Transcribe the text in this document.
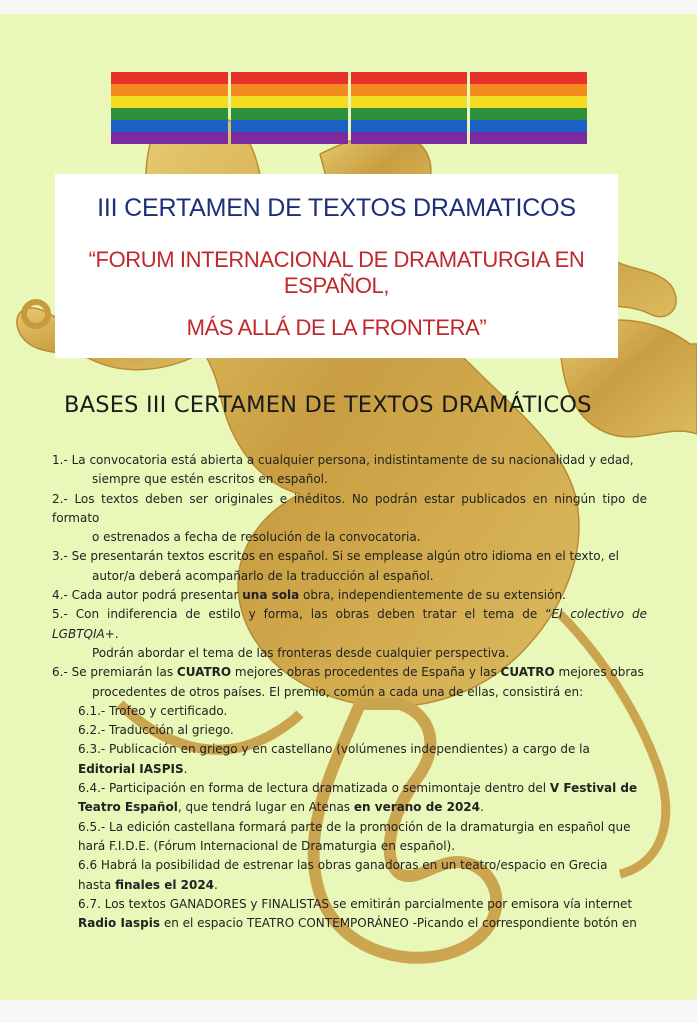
III CERTAMEN DE TEXTOS DRAMATICOS
“FORUM INTERNACIONAL DE DRAMATURGIA EN ESPAÑOL,
MÁS ALLÁ DE LA FRONTERA”
BASES III CERTAMEN DE TEXTOS DRAMÁTICOS
1.- La convocatoria está abierta a cualquier persona, indistintamente de su nacionalidad y edad,
siempre que estén escritos en español.
2.- Los textos deben ser originales e inéditos. No podrán estar publicados en ningún tipo de formato
o estrenados a fecha de resolución de la convocatoria.
3.- Se presentarán textos escritos en español. Si se emplease algún otro idioma en el texto, el
autor/a deberá acompañarlo de la traducción al español.
4.- Cada autor podrá presentar una sola obra, independientemente de su extensión.
5.- Con indiferencia de estilo y forma, las obras deben tratar el tema de “El colectivo de LGBTQIA+.
Podrán abordar el tema de las fronteras desde cualquier perspectiva.
6.- Se premiarán las CUATRO mejores obras procedentes de España y las CUATRO mejores obras
procedentes de otros países. El premio, común a cada una de ellas, consistirá en:
6.1.- Trofeo y certificado.
6.2.- Traducción al griego.
6.3.- Publicación en griego y en castellano (volúmenes independientes) a cargo de la
Editorial IASPIS.
6.4.- Participación en forma de lectura dramatizada o semimontaje dentro del V Festival de
Teatro Español, que tendrá lugar en Atenas en verano de 2024.
6.5.- La edición castellana formará parte de la promoción de la dramaturgia en español que
hará F.I.D.E. (Fórum Internacional de Dramaturgia en español).
6.6 Habrá la posibilidad de estrenar las obras ganadoras en un teatro/espacio en Grecia
hasta finales el 2024.
6.7. Los textos GANADORES y FINALISTAS se emitirán parcialmente por emisora vía internet
Radio Iaspis en el espacio TEATRO CONTEMPORÁNEO -Picando el correspondiente botón en
